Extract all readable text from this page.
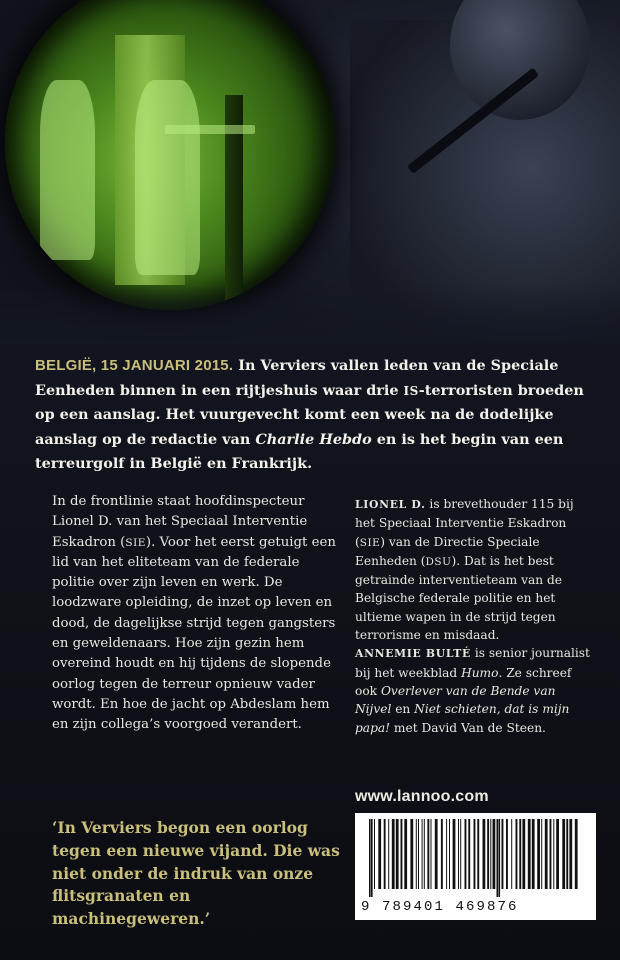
BELGIË, 15 JANUARI 2015. In Verviers vallen leden van de Speciale Eenheden binnen in een rijtjeshuis waar drie IS-terroristen broeden op een aanslag. Het vuurgevecht komt een week na de dodelijke aanslag op de redactie van Charlie Hebdo en is het begin van een terreurgolf in België en Frankrijk.

In de frontlinie staat hoofdinspecteur Lionel D. van het Speciaal Interventie Eskadron (SIE). Voor het eerst getuigt een lid van het eliteteam van de federale politie over zijn leven en werk. De loodzware opleiding, de inzet op leven en dood, de dagelijkse strijd tegen gangsters en geweldenaars. Hoe zijn gezin hem overeind houdt en hij tijdens de slopende oorlog tegen de terreur opnieuw vader wordt. En hoe de jacht op Abdeslam hem en zijn collega’s voorgoed verandert.

LIONEL D. is brevethouder 115 bij het Speciaal Interventie Eskadron (SIE) van de Directie Speciale Eenheden (DSU). Dat is het best getrainde interventieteam van de Belgische federale politie en het ultieme wapen in de strijd tegen terrorisme en misdaad.
ANNEMIE BULTÉ is senior journalist bij het weekblad Humo. Ze schreef ook Overlever van de Bende van Nijvel en Niet schieten, dat is mijn papa! met David Van de Steen.

‘In Verviers begon een oorlog tegen een nieuwe vijand. Die was niet onder de indruk van onze flitsgranaten en machinegeweren.’

www.lannoo.com
9 789401 469876
